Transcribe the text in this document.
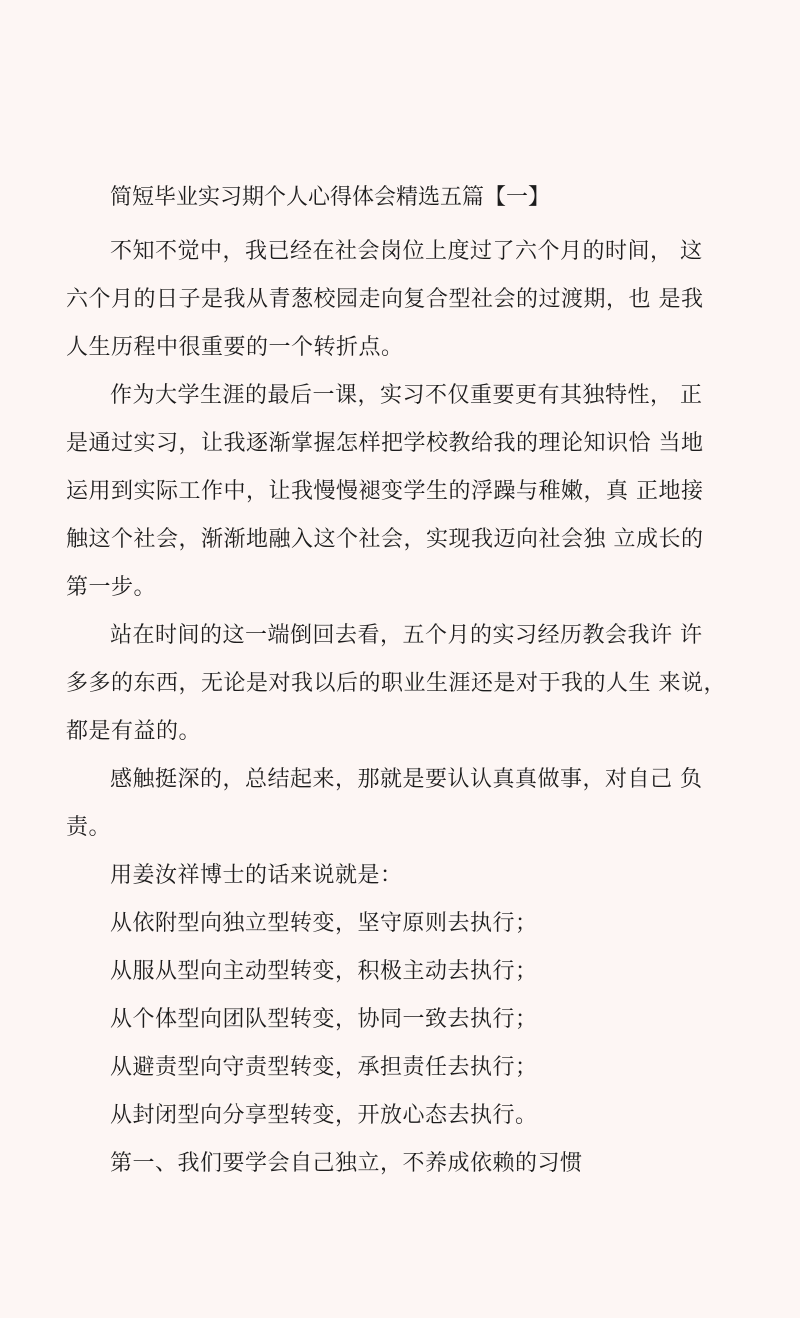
简短毕业实习期个人心得体会精选五篇【一】

不知不觉中，我已经在社会岗位上度过了六个月的时间， 这
六个月的日子是我从青葱校园走向复合型社会的过渡期，也 是我
人生历程中很重要的一个转折点。

作为大学生涯的最后一课，实习不仅重要更有其独特性， 正
是通过实习，让我逐渐掌握怎样把学校教给我的理论知识恰 当地
运用到实际工作中，让我慢慢褪变学生的浮躁与稚嫩，真 正地接
触这个社会，渐渐地融入这个社会，实现我迈向社会独 立成长的
第一步。

站在时间的这一端倒回去看，五个月的实习经历教会我许 许
多多的东西，无论是对我以后的职业生涯还是对于我的人生 来说，
都是有益的。

感触挺深的，总结起来，那就是要认认真真做事，对自己 负
责。

用姜汝祥博士的话来说就是：

从依附型向独立型转变，坚守原则去执行；

从服从型向主动型转变，积极主动去执行；

从个体型向团队型转变，协同一致去执行；

从避责型向守责型转变，承担责任去执行；

从封闭型向分享型转变，开放心态去执行。

第一、我们要学会自己独立，不养成依赖的习惯
